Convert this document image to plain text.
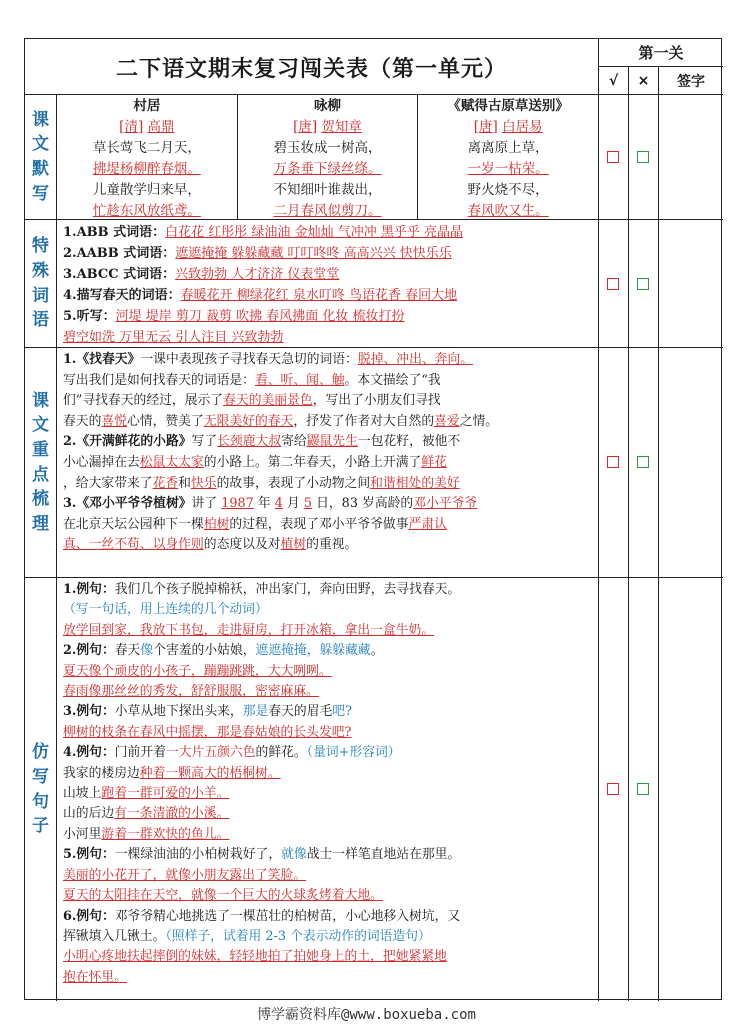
二下语文期末复习闯关表（第一单元）
第一关
√	×	签字
课
文
默
写
村居
[清] 高鼎
草长莺飞二月天，
拂堤杨柳醉春烟。
儿童散学归来早，
忙趁东风放纸鸢。
咏柳
[唐] 贺知章
碧玉妆成一树高，
万条垂下绿丝绦。
不知细叶谁裁出，
二月春风似剪刀。
《赋得古原草送别》
[唐] 白居易
离离原上草，
一岁一枯荣。
野火烧不尽，
春风吹又生。
特
殊
词
语
1.ABB 式词语：白花花 红彤彤 绿油油 金灿灿 气冲冲 黑乎乎 亮晶晶
2.AABB 式词语：遮遮掩掩 躲躲藏藏 叮叮咚咚 高高兴兴 快快乐乐
3.ABCC 式词语：兴致勃勃 人才济济 仪表堂堂
4.描写春天的词语：春暖花开 柳绿花红 泉水叮咚 鸟语花香 春回大地
5.听写：河堤 堤岸 剪刀 裁剪 吹拂 春风拂面 化妆 梳妆打扮
碧空如洗 万里无云 引人注目 兴致勃勃
课
文
重
点
梳
理
1.《找春天》一课中表现孩子寻找春天急切的词语：脱掉、冲出、奔向。
写出我们是如何找春天的词语是：看、听、闻、触。本文描绘了“我
们”寻找春天的经过，展示了春天的美丽景色，写出了小朋友们寻找
春天的喜悦心情，赞美了无限美好的春天，抒发了作者对大自然的喜爱之情。
2.《开满鲜花的小路》写了长颈鹿大叔寄给鼹鼠先生一包花籽，被他不
小心漏掉在去松鼠太太家的小路上。第二年春天，小路上开满了鲜花
，给大家带来了花香和快乐的故事，表现了小动物之间和谐相处的美好
3.《邓小平爷爷植树》讲了 1987 年 4 月 5 日，83 岁高龄的邓小平爷爷
在北京天坛公园种下一棵柏树的过程，表现了邓小平爷爷做事严肃认
真、一丝不苟、以身作则的态度以及对植树的重视。
仿
写
句
子
1.例句：我们几个孩子脱掉棉袄，冲出家门，奔向田野，去寻找春天。
（写一句话，用上连续的几个动词）
放学回到家，我放下书包，走进厨房，打开冰箱，拿出一盒牛奶。
2.例句：春天像个害羞的小姑娘，遮遮掩掩，躲躲藏藏。
夏天像个顽皮的小孩子，蹦蹦跳跳，大大咧咧。
春雨像那丝丝的秀发，舒舒服服，密密麻麻。
3.例句：小草从地下探出头来，那是春天的眉毛吧?
柳树的枝条在春风中摇摆，那是春姑娘的长头发吧?
4.例句：门前开着一大片五颜六色的鲜花。（量词+形容词）
我家的楼房边种着一颗高大的梧桐树。
山坡上跑着一群可爱的小羊。
山的后边有一条清澈的小溪。
小河里游着一群欢快的鱼儿。
5.例句：一棵绿油油的小柏树栽好了，就像战士一样笔直地站在那里。
美丽的小花开了，就像小朋友露出了笑脸。
夏天的太阳挂在天空，就像一个巨大的火球炙烤着大地。
6.例句：邓爷爷精心地挑选了一棵茁壮的柏树苗，小心地移入树坑，又
挥锹填入几锹土。（照样子，试着用 2-3 个表示动作的词语造句）
小明心疼地扶起摔倒的妹妹，轻轻地拍了拍她身上的土，把她紧紧地
抱在怀里。
博学霸资料库@www.boxueba.com
